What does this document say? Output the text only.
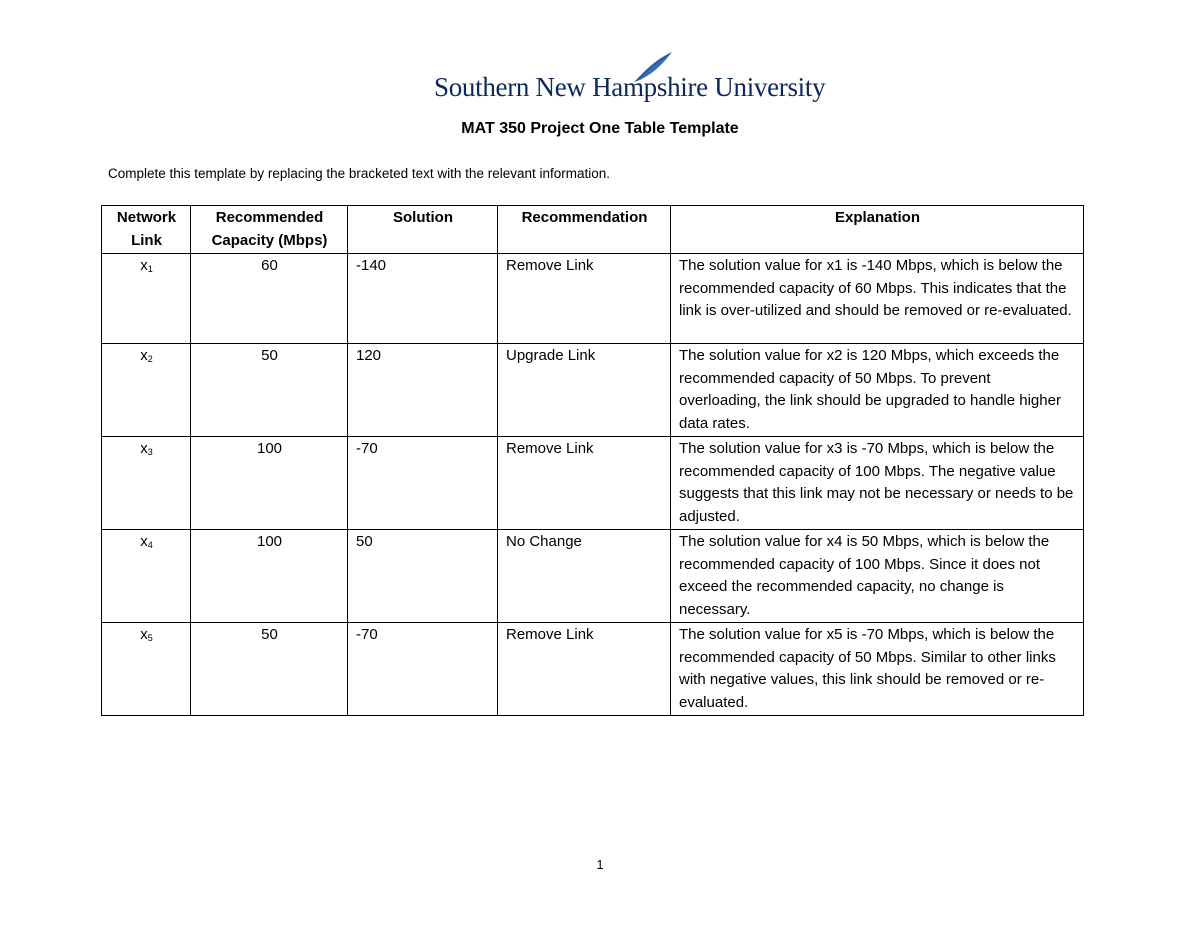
Southern New Hampshire University
MAT 350 Project One Table Template
Complete this template by replacing the bracketed text with the relevant information.
Network Link	Recommended Capacity (Mbps)	Solution	Recommendation	Explanation
$x_1$	60	-140	Remove Link	The solution value for x1 is -140 Mbps, which is below the recommended capacity of 60 Mbps. This indicates that the link is over-utilized and should be removed or re-evaluated.
$x_2$	50	120	Upgrade Link	The solution value for x2 is 120 Mbps, which exceeds the recommended capacity of 50 Mbps. To prevent overloading, the link should be upgraded to handle higher data rates.
$x_3$	100	-70	Remove Link	The solution value for x3 is -70 Mbps, which is below the recommended capacity of 100 Mbps. The negative value suggests that this link may not be necessary or needs to be adjusted.
$x_4$	100	50	No Change	The solution value for x4 is 50 Mbps, which is below the recommended capacity of 100 Mbps. Since it does not exceed the recommended capacity, no change is necessary.
$x_5$	50	-70	Remove Link	The solution value for x5 is -70 Mbps, which is below the recommended capacity of 50 Mbps. Similar to other links with negative values, this link should be removed or re-evaluated.
1
